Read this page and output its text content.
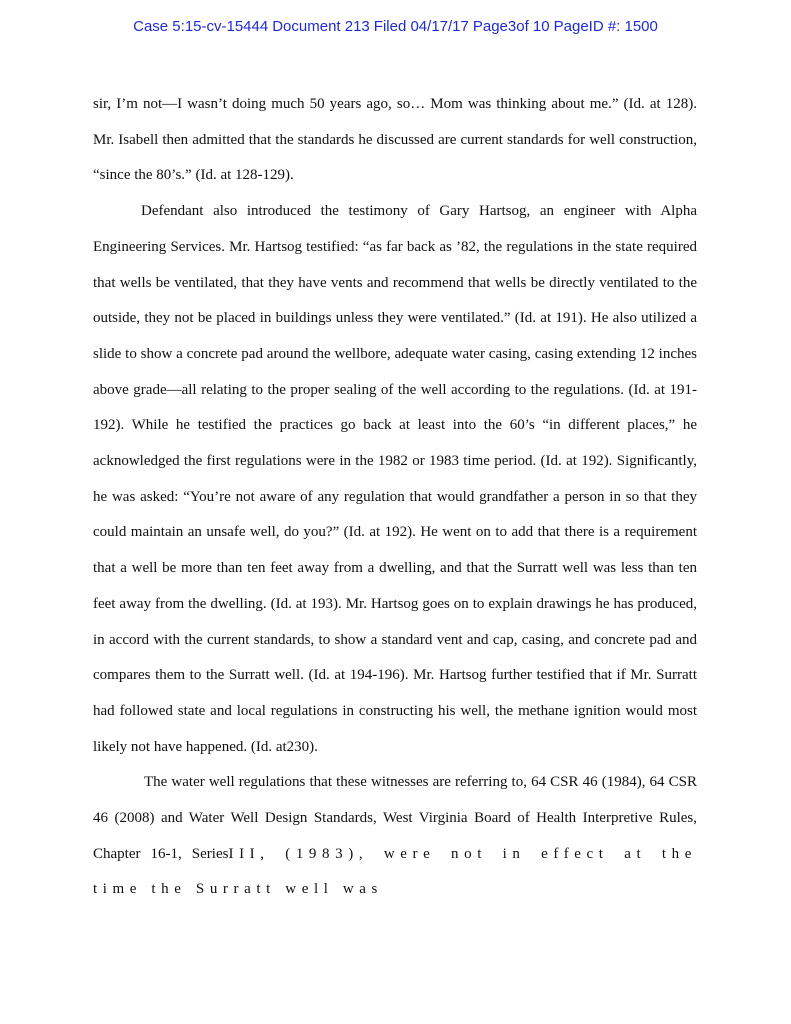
Case 5:15-cv-15444 Document 213 Filed 04/17/17 Page3of 10 PageID #: 1500

sir, I’m not—I wasn’t doing much 50 years ago, so… Mom was thinking about me.” (Id. at 128). Mr. Isabell then admitted that the standards he discussed are current standards for well construction, “since the 80’s.” (Id. at 128-129).

Defendant also introduced the testimony of Gary Hartsog, an engineer with Alpha Engineering Services. Mr. Hartsog testified: “as far back as ’82, the regulations in the state required that wells be ventilated, that they have vents and recommend that wells be directly ventilated to the outside, they not be placed in buildings unless they were ventilated.” (Id. at 191). He also utilized a slide to show a concrete pad around the wellbore, adequate water casing, casing extending 12 inches above grade—all relating to the proper sealing of the well according to the regulations. (Id. at 191-192). While he testified the practices go back at least into the 60’s “in different places,” he acknowledged the first regulations were in the 1982 or 1983 time period. (Id. at 192). Significantly, he was asked: “You’re not aware of any regulation that would grandfather a person in so that they could maintain an unsafe well, do you?” (Id. at 192). He went on to add that there is a requirement that a well be more than ten feet away from a dwelling, and that the Surratt well was less than ten feet away from the dwelling. (Id. at 193). Mr. Hartsog goes on to explain drawings he has produced, in accord with the current standards, to show a standard vent and cap, casing, and concrete pad and compares them to the Surratt well. (Id. at 194-196). Mr. Hartsog further testified that if Mr. Surratt had followed state and local regulations in constructing his well, the methane ignition would most likely not have happened. (Id. at230).

The water well regulations that these witnesses are referring to, 64 CSR 46 (1984), 64 CSR 46 (2008) and Water Well Design Standards, West Virginia Board of Health Interpretive Rules, Chapter 16-1, SeriesIII, (1983), were not in effect at the time the Surratt well was
